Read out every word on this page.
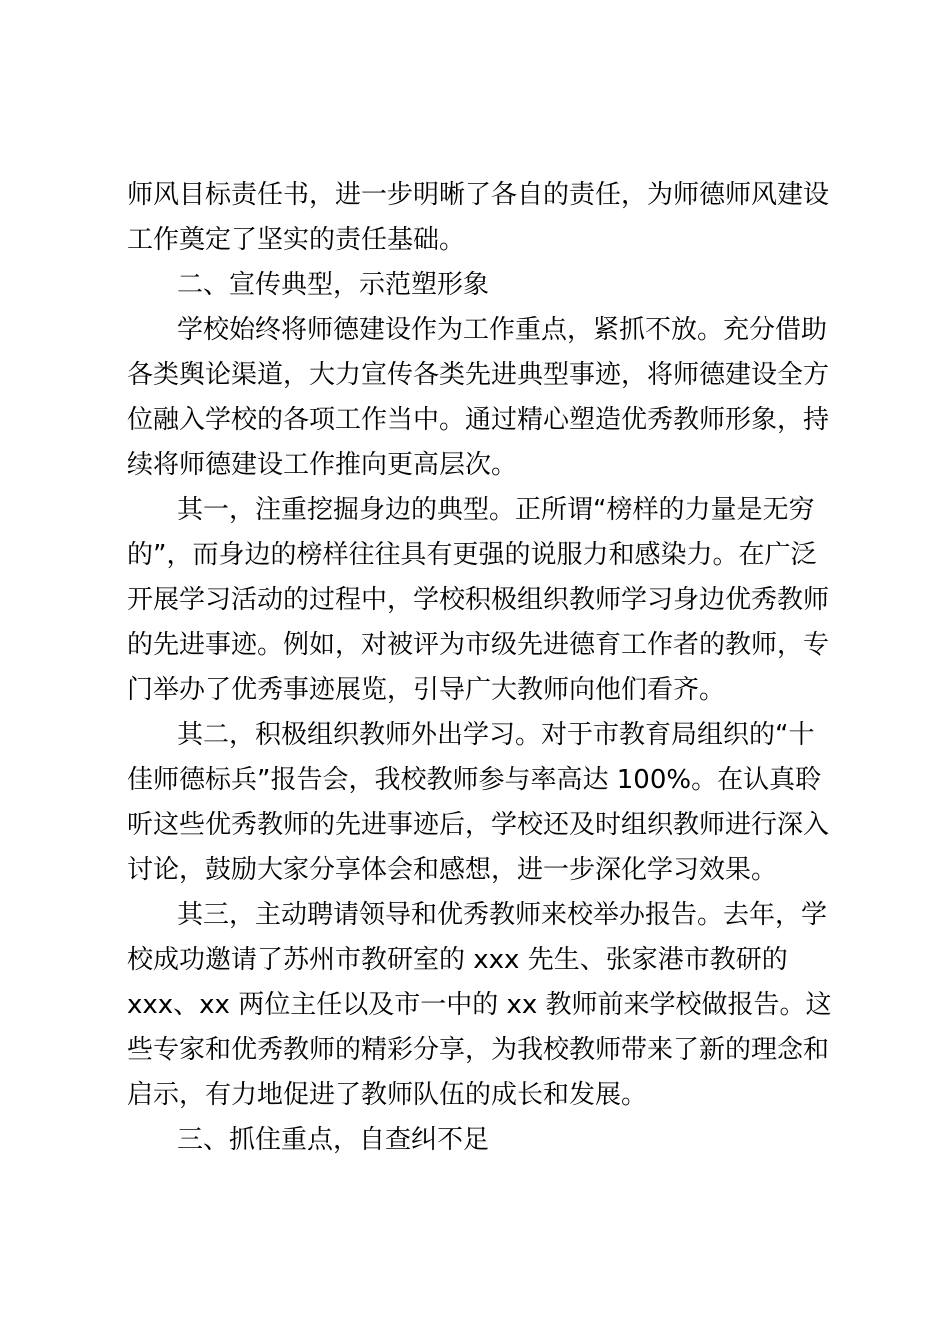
师风目标责任书，进一步明晰了各自的责任，为师德师风建设
工作奠定了坚实的责任基础。
二、宣传典型，示范塑形象
学校始终将师德建设作为工作重点，紧抓不放。充分借助
各类舆论渠道，大力宣传各类先进典型事迹，将师德建设全方
位融入学校的各项工作当中。通过精心塑造优秀教师形象，持
续将师德建设工作推向更高层次。
其一，注重挖掘身边的典型。正所谓“榜样的力量是无穷
的”，而身边的榜样往往具有更强的说服力和感染力。在广泛
开展学习活动的过程中，学校积极组织教师学习身边优秀教师
的先进事迹。例如，对被评为市级先进德育工作者的教师，专
门举办了优秀事迹展览，引导广大教师向他们看齐。
其二，积极组织教师外出学习。对于市教育局组织的“十
佳师德标兵”报告会，我校教师参与率高达 100%。在认真聆
听这些优秀教师的先进事迹后，学校还及时组织教师进行深入
讨论，鼓励大家分享体会和感想，进一步深化学习效果。
其三，主动聘请领导和优秀教师来校举办报告。去年，学
校成功邀请了苏州市教研室的 xxx 先生、张家港市教研的
xxx、xx 两位主任以及市一中的 xx 教师前来学校做报告。这
些专家和优秀教师的精彩分享，为我校教师带来了新的理念和
启示，有力地促进了教师队伍的成长和发展。
三、抓住重点，自查纠不足
